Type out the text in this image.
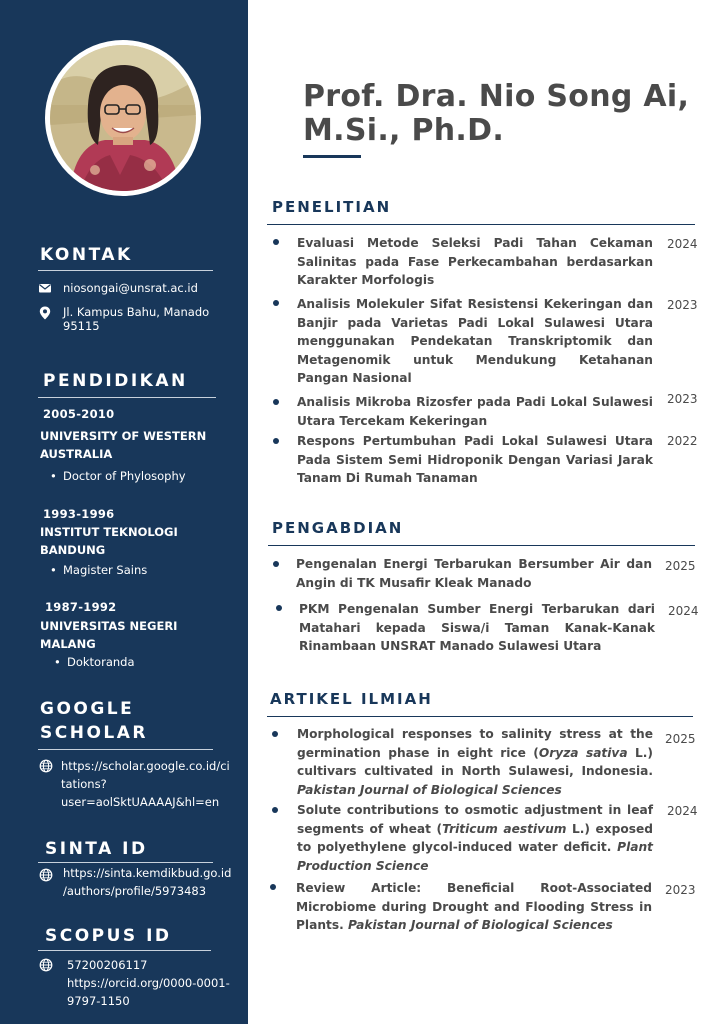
KONTAK
niosongai@unsrat.ac.id
Jl. Kampus Bahu, Manado
95115
PENDIDIKAN
2005-2010
UNIVERSITY OF WESTERN
AUSTRALIA
• Doctor of Phylosophy
1993-1996
INSTITUT TEKNOLOGI
BANDUNG
• Magister Sains
1987-1992
UNIVERSITAS NEGERI
MALANG
• Doktoranda
GOOGLE
SCHOLAR
https://scholar.google.co.id/ci
tations?
user=aolSktUAAAAJ&hl=en
SINTA ID
https://sinta.kemdikbud.go.id
/authors/profile/5973483
SCOPUS ID
57200206117
https://orcid.org/0000-0001-
9797-1150
Prof. Dra. Nio Song Ai, M.Si., Ph.D.
PENELITIAN
Evaluasi Metode Seleksi Padi Tahan Cekaman Salinitas pada Fase Perkecambahan berdasarkan Karakter Morfologis
2024
Analisis Molekuler Sifat Resistensi Kekeringan dan Banjir pada Varietas Padi Lokal Sulawesi Utara menggunakan Pendekatan Transkriptomik dan Metagenomik untuk Mendukung Ketahanan Pangan Nasional
2023
Analisis Mikroba Rizosfer pada Padi Lokal Sulawesi Utara Tercekam Kekeringan
2023
Respons Pertumbuhan Padi Lokal Sulawesi Utara Pada Sistem Semi Hidroponik Dengan Variasi Jarak Tanam Di Rumah Tanaman
2022
PENGABDIAN
Pengenalan Energi Terbarukan Bersumber Air dan Angin di TK Musafir Kleak Manado
2025
PKM Pengenalan Sumber Energi Terbarukan dari Matahari kepada Siswa/i Taman Kanak-Kanak Rinambaan UNSRAT Manado Sulawesi Utara
2024
ARTIKEL ILMIAH
Morphological responses to salinity stress at the germination phase in eight rice (Oryza sativa L.) cultivars cultivated in North Sulawesi, Indonesia. Pakistan Journal of Biological Sciences
2025
Solute contributions to osmotic adjustment in leaf segments of wheat (Triticum aestivum L.) exposed to polyethylene glycol-induced water deficit. Plant Production Science
2024
Review Article: Beneficial Root-Associated Microbiome during Drought and Flooding Stress in Plants. Pakistan Journal of Biological Sciences
2023
